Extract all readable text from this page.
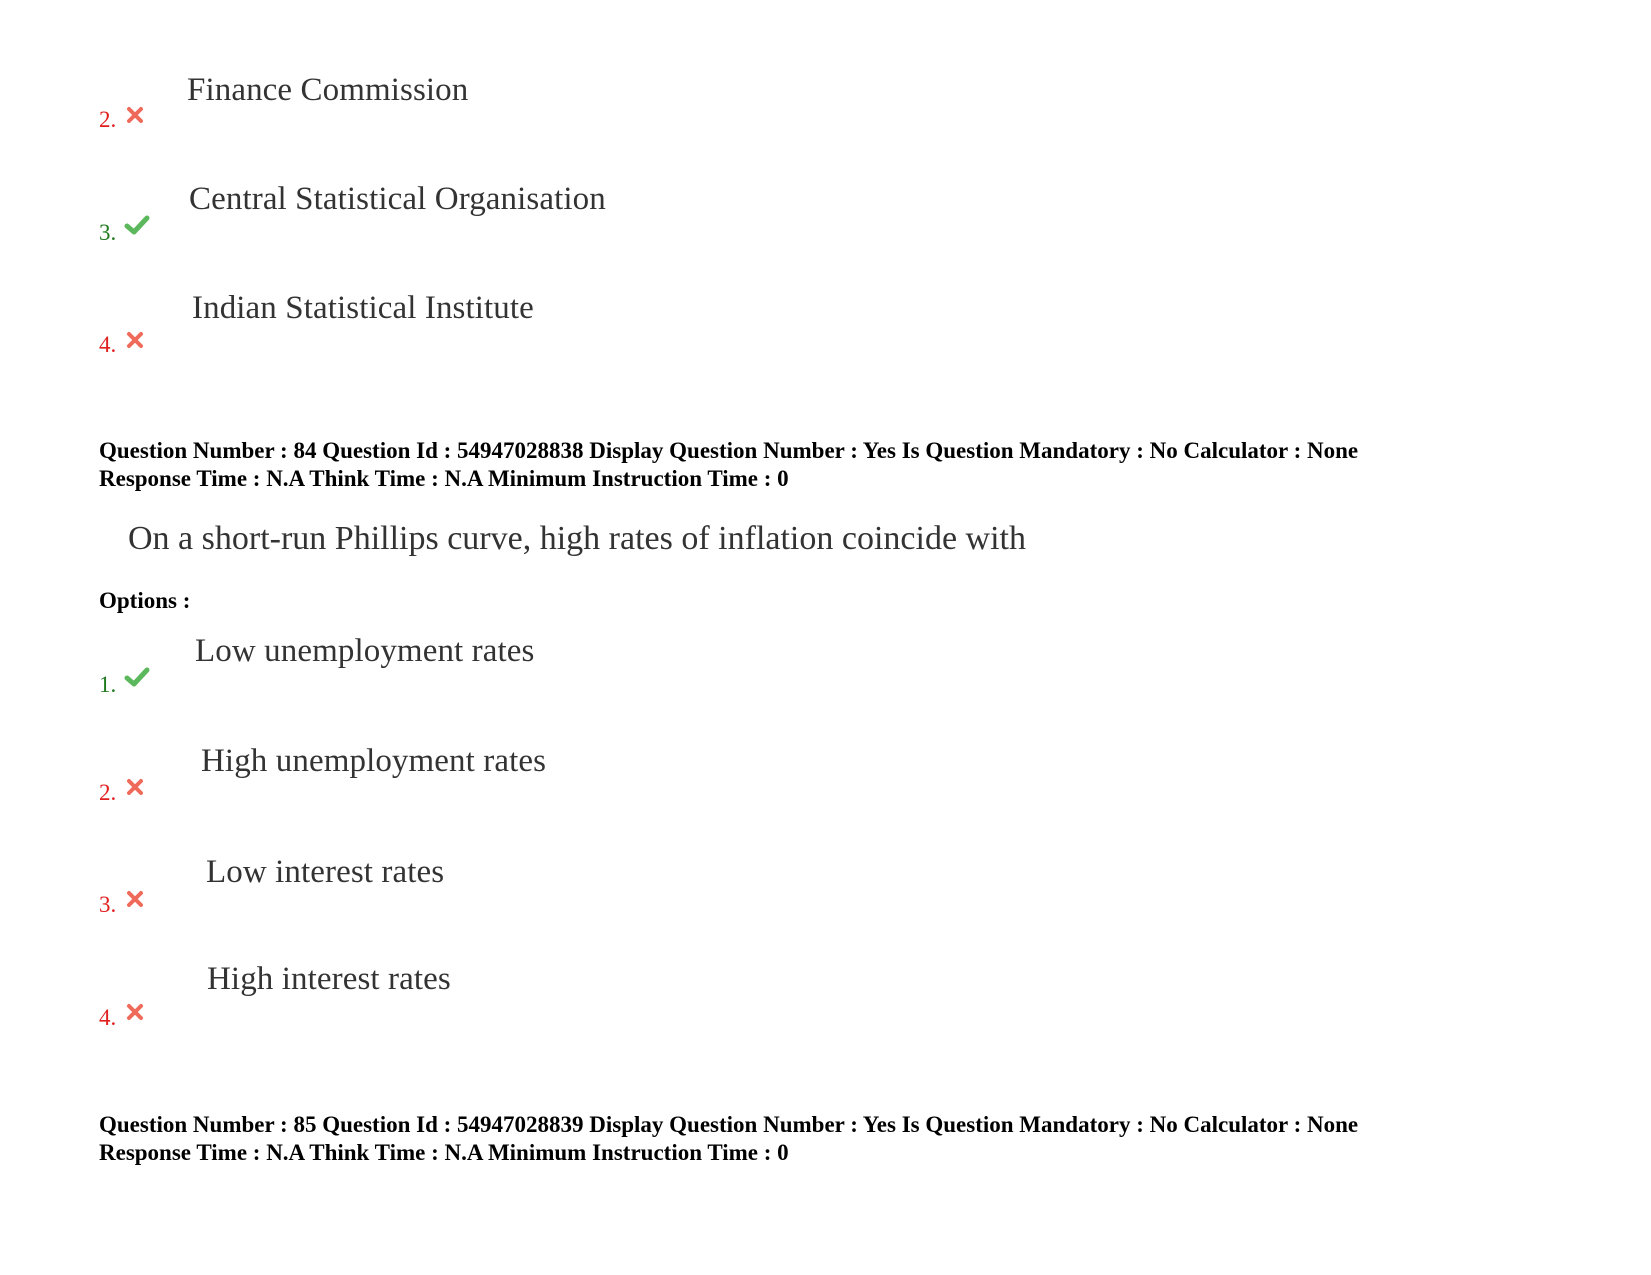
2.
Finance Commission
3.
Central Statistical Organisation
4.
Indian Statistical Institute
Question Number : 84 Question Id : 54947028838 Display Question Number : Yes Is Question Mandatory : No Calculator : None
Response Time : N.A Think Time : N.A Minimum Instruction Time : 0
On a short-run Phillips curve, high rates of inflation coincide with
Options :
1.
Low unemployment rates
2.
High unemployment rates
3.
Low interest rates
4.
High interest rates
Question Number : 85 Question Id : 54947028839 Display Question Number : Yes Is Question Mandatory : No Calculator : None
Response Time : N.A Think Time : N.A Minimum Instruction Time : 0
